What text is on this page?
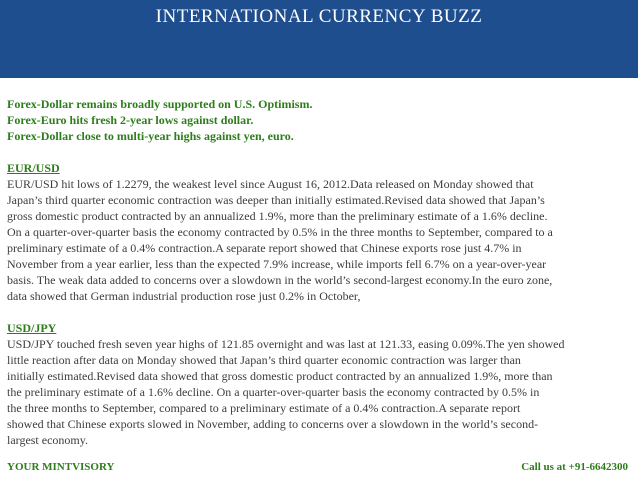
INTERNATIONAL CURRENCY BUZZ
Forex-Dollar remains broadly supported on U.S. Optimism.
Forex-Euro hits fresh 2-year lows against dollar.
Forex-Dollar close to multi-year highs against yen, euro.
EUR/USD
EUR/USD hit lows of 1.2279, the weakest level since August 16, 2012.Data released on Monday showed that
Japan’s third quarter economic contraction was deeper than initially estimated.Revised data showed that Japan’s
gross domestic product contracted by an annualized 1.9%, more than the preliminary estimate of a 1.6% decline.
On a quarter-over-quarter basis the economy contracted by 0.5% in the three months to September, compared to a
preliminary estimate of a 0.4% contraction.A separate report showed that Chinese exports rose just 4.7% in
November from a year earlier, less than the expected 7.9% increase, while imports fell 6.7% on a year-over-year
basis. The weak data added to concerns over a slowdown in the world’s second-largest economy.In the euro zone,
data showed that German industrial production rose just 0.2% in October,
USD/JPY
USD/JPY touched fresh seven year highs of 121.85 overnight and was last at 121.33, easing 0.09%.The yen showed
little reaction after data on Monday showed that Japan’s third quarter economic contraction was larger than
initially estimated.Revised data showed that gross domestic product contracted by an annualized 1.9%, more than
the preliminary estimate of a 1.6% decline. On a quarter-over-quarter basis the economy contracted by 0.5% in
the three months to September, compared to a preliminary estimate of a 0.4% contraction.A separate report
showed that Chinese exports slowed in November, adding to concerns over a slowdown in the world’s second-
largest economy.
YOUR MINTVISORY	Call us at +91-6642300
